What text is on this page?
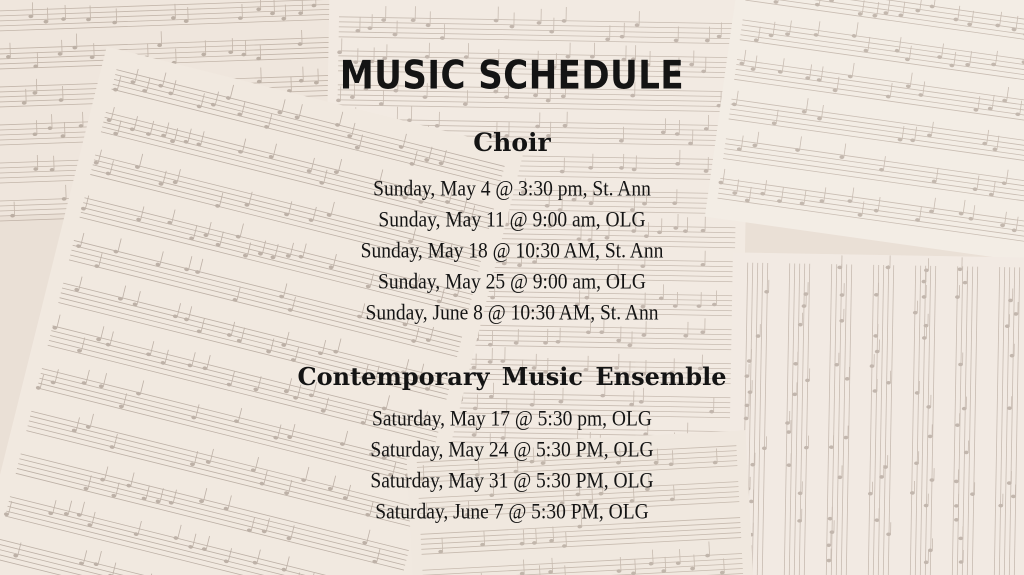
MUSIC SCHEDULE
Choir
Sunday, May 4 @ 3:30 pm, St. Ann
Sunday, May 11 @ 9:00 am, OLG
Sunday, May 18 @ 10:30 AM, St. Ann
Sunday, May 25 @ 9:00 am, OLG
Sunday, June 8 @ 10:30 AM, St. Ann
Contemporary Music Ensemble
Saturday, May 17 @ 5:30 pm, OLG
Saturday, May 24 @ 5:30 PM, OLG
Saturday, May 31 @ 5:30 PM, OLG
Saturday, June 7 @ 5:30 PM, OLG
